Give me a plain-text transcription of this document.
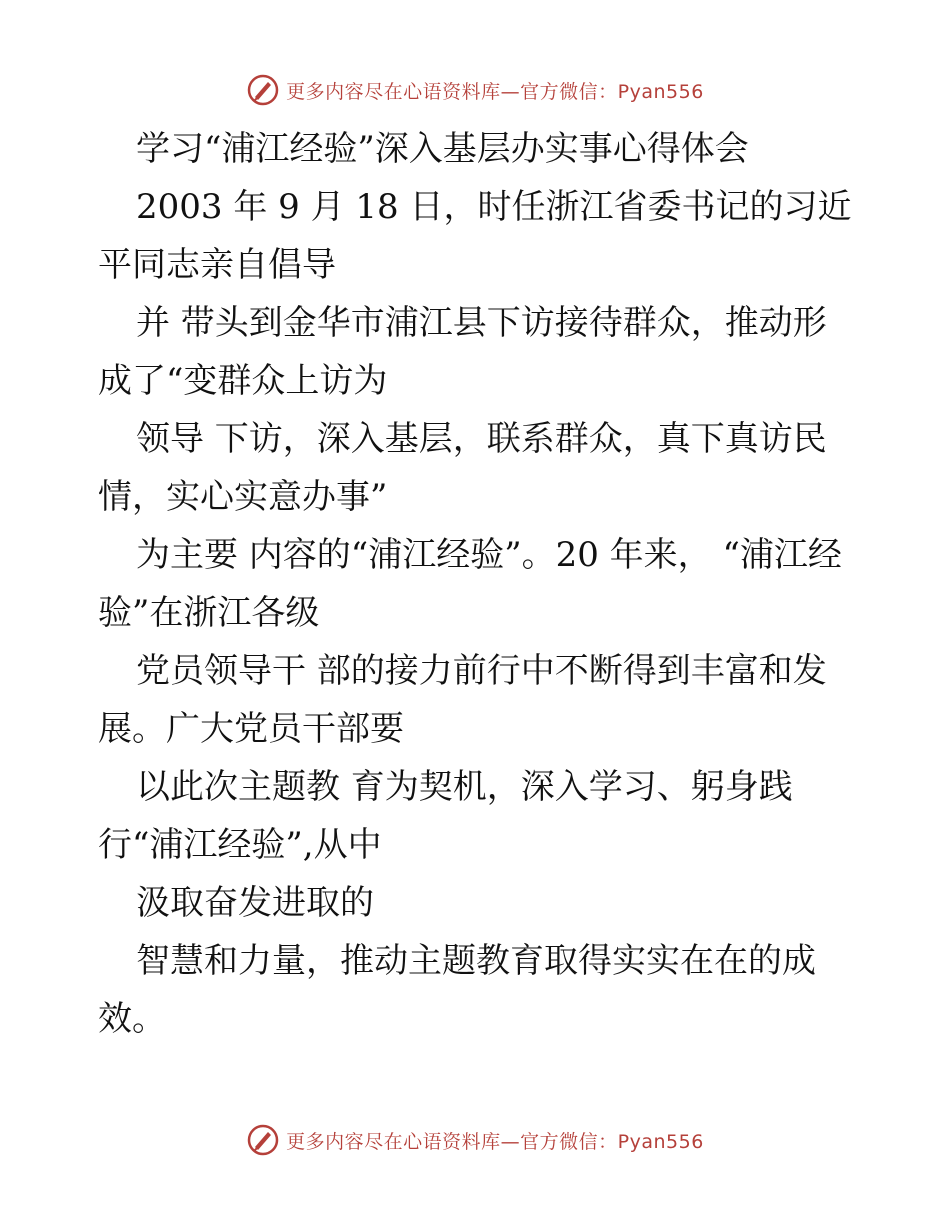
更多内容尽在心语资料库—官方微信：Pyan556

学习“浦江经验”深入基层办实事心得体会

2003 年 9 月 18 日，时任浙江省委书记的习近平同志亲自倡导

并 带头到金华市浦江县下访接待群众，推动形成了“变群众上访为

领导 下访，深入基层，联系群众，真下真访民情，实心实意办事”

为主要 内容的“浦江经验”。20 年来， “浦江经验”在浙江各级

党员领导干 部的接力前行中不断得到丰富和发展。广大党员干部要

以此次主题教 育为契机，深入学习、躬身践行“浦江经验”,从中

汲取奋发进取的

智慧和力量，推动主题教育取得实实在在的成效。

更多内容尽在心语资料库—官方微信：Pyan556
